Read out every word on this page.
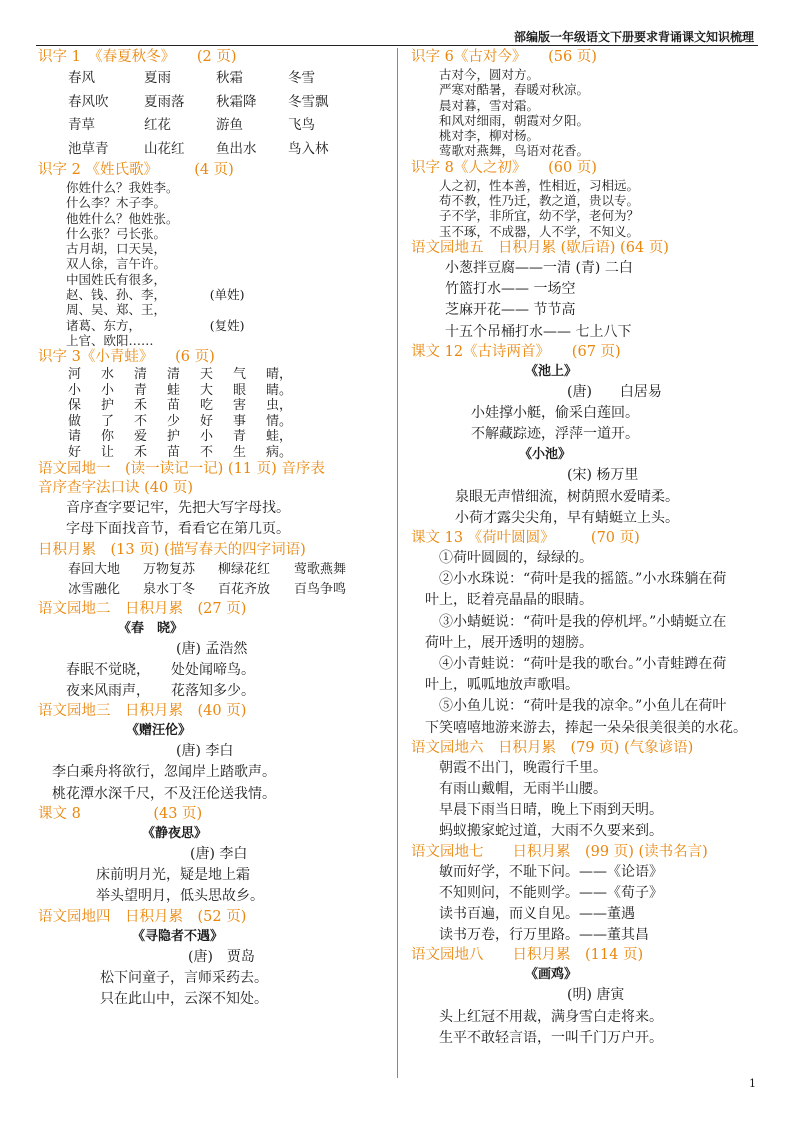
部编版一年级语文下册要求背诵课文知识梳理
识字 1　《春夏秋冬》　　(2 页)
春风	夏雨	秋霜	冬雪
春风吹	夏雨落	秋霜降	冬雪飘
青草	红花	游鱼	飞鸟
池草青	山花红	鱼出水	鸟入林
识字 2 《姓氏歌》　　　(4 页)
你姓什么？我姓李。
什么李？木子李。
他姓什么？他姓张。
什么张？弓长张。
古月胡，口天吴，
双人徐，言午许。
中国姓氏有很多，
赵、钱、孙、李，　　　　(单姓)
周、吴、郑、王，
诸葛、东方，　　　　　　(复姓)
上官、欧阳……
识字 3《小青蛙》　　(6 页)
河	水	清	清	天	气	晴，
小	小	青	蛙	大	眼	睛。
保	护	禾	苗	吃	害	虫，
做	了	不	少	好	事	情。
请	你	爱	护	小	青	蛙，
好	让	禾	苗	不	生	病。
语文园地一　(读一读记一记) (11 页) 音序表
音序查字法口诀 (40 页)
音序查字要记牢，先把大写字母找。
字母下面找音节，看看它在第几页。
日积月累　(13 页) (描写春天的四字词语)
春回大地	万物复苏	柳绿花红	莺歌燕舞
冰雪融化	泉水丁冬	百花齐放	百鸟争鸣
语文园地二　日积月累　(27 页)
《春　晓》
(唐) 孟浩然
春眠不觉晓，　　处处闻啼鸟。
夜来风雨声，　　花落知多少。
语文园地三　日积月累　(40 页)
《赠汪伦》
(唐) 李白
李白乘舟将欲行，忽闻岸上踏歌声。
桃花潭水深千尺，不及汪伦送我情。
课文 8　　　　　(43 页)
《静夜思》
(唐) 李白
床前明月光，疑是地上霜
举头望明月，低头思故乡。
语文园地四　日积月累　(52 页)
《寻隐者不遇》
(唐)　贾岛
松下问童子，言师采药去。
只在此山中，云深不知处。
识字 6《古对今》　　(56 页)
古对今，圆对方。
严寒对酷暑，春暖对秋凉。
晨对暮，雪对霜。
和风对细雨，朝霞对夕阳。
桃对李，柳对杨。
莺歌对燕舞，鸟语对花香。
识字 8《人之初》　　(60 页)
人之初，性本善，性相近，习相远。
苟不教，性乃迁，教之道，贵以专。
子不学，非所宜，幼不学，老何为？
玉不琢，不成器，人不学，不知义。
语文园地五　日积月累 (歇后语) (64 页)
小葱拌豆腐——一清 (青) 二白
竹篮打水—— 一场空
芝麻开花—— 节节高
十五个吊桶打水—— 七上八下
课文 12《古诗两首》　　(67 页)
《池上》
(唐)　　白居易
小娃撑小艇，偷采白莲回。
不解藏踪迹，浮萍一道开。
《小池》
(宋) 杨万里
泉眼无声惜细流，树荫照水爱晴柔。
小荷才露尖尖角，早有蜻蜓立上头。
课文 13 《荷叶圆圆》　　　(70 页)
　①荷叶圆圆的，绿绿的。
　②小水珠说：“荷叶是我的摇篮。”小水珠躺在荷
叶上，眨着亮晶晶的眼睛。
　③小蜻蜓说：“荷叶是我的停机坪。”小蜻蜓立在
荷叶上，展开透明的翅膀。
　④小青蛙说：“荷叶是我的歌台。”小青蛙蹲在荷
叶上，呱呱地放声歌唱。
　⑤小鱼儿说：“荷叶是我的凉伞。”小鱼儿在荷叶
下笑嘻嘻地游来游去，捧起一朵朵很美很美的水花。
语文园地六　日积月累　(79 页) (气象谚语)
朝霞不出门，晚霞行千里。
有雨山戴帽，无雨半山腰。
早晨下雨当日晴，晚上下雨到天明。
蚂蚁搬家蛇过道，大雨不久要来到。
语文园地七　　日积月累　(99 页) (读书名言)
敏而好学，不耻下问。——《论语》
不知则问，不能则学。——《荀子》
读书百遍，而义自见。——董遇
读书万卷，行万里路。——董其昌
语文园地八　　日积月累　(114 页)
《画鸡》
(明) 唐寅
头上红冠不用裁，满身雪白走将来。
生平不敢轻言语，一叫千门万户开。
1
